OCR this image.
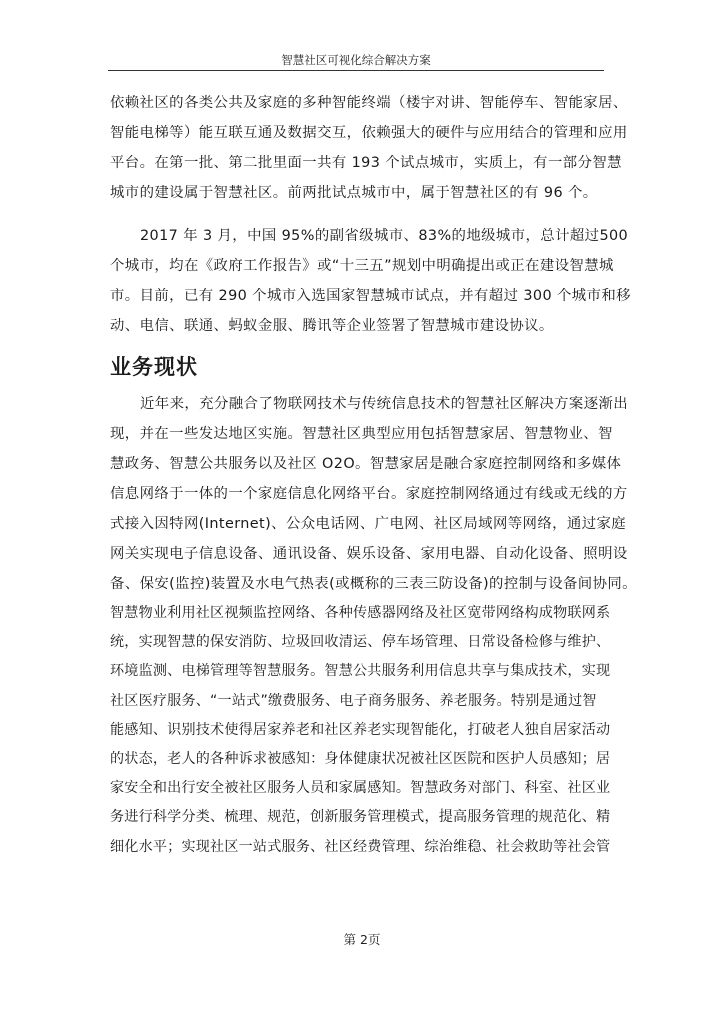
智慧社区可视化综合解决方案
依赖社区的各类公共及家庭的多种智能终端（楼宇对讲、智能停车、智能家居、
智能电梯等）能互联互通及数据交互，依赖强大的硬件与应用结合的管理和应用
平台。在第一批、第二批里面一共有 193 个试点城市，实质上，有一部分智慧
城市的建设属于智慧社区。前两批试点城市中，属于智慧社区的有 96 个。
2017 年 3 月，中国 95%的副省级城市、83%的地级城市，总计超过500
个城市，均在《政府工作报告》或“十三五”规划中明确提出或正在建设智慧城
市。目前，已有 290 个城市入选国家智慧城市试点，并有超过 300 个城市和移
动、电信、联通、蚂蚁金服、腾讯等企业签署了智慧城市建设协议。
业务现状
近年来，充分融合了物联网技术与传统信息技术的智慧社区解决方案逐渐出
现，并在一些发达地区实施。智慧社区典型应用包括智慧家居、智慧物业、智
慧政务、智慧公共服务以及社区 O2O。智慧家居是融合家庭控制网络和多媒体
信息网络于一体的一个家庭信息化网络平台。家庭控制网络通过有线或无线的方
式接入因特网(Internet)、公众电话网、广电网、社区局域网等网络，通过家庭
网关实现电子信息设备、通讯设备、娱乐设备、家用电器、自动化设备、照明设
备、保安(监控)装置及水电气热表(或概称的三表三防设备)的控制与设备间协同。
智慧物业利用社区视频监控网络、各种传感器网络及社区宽带网络构成物联网系
统，实现智慧的保安消防、垃圾回收清运、停车场管理、日常设备检修与维护、
环境监测、电梯管理等智慧服务。智慧公共服务利用信息共享与集成技术，实现
社区医疗服务、“一站式”缴费服务、电子商务服务、养老服务。特别是通过智
能感知、识别技术使得居家养老和社区养老实现智能化，打破老人独自居家活动
的状态，老人的各种诉求被感知：身体健康状况被社区医院和医护人员感知；居
家安全和出行安全被社区服务人员和家属感知。智慧政务对部门、科室、社区业
务进行科学分类、梳理、规范，创新服务管理模式，提高服务管理的规范化、精
细化水平；实现社区一站式服务、社区经费管理、综治维稳、社会救助等社会管
第 2页
